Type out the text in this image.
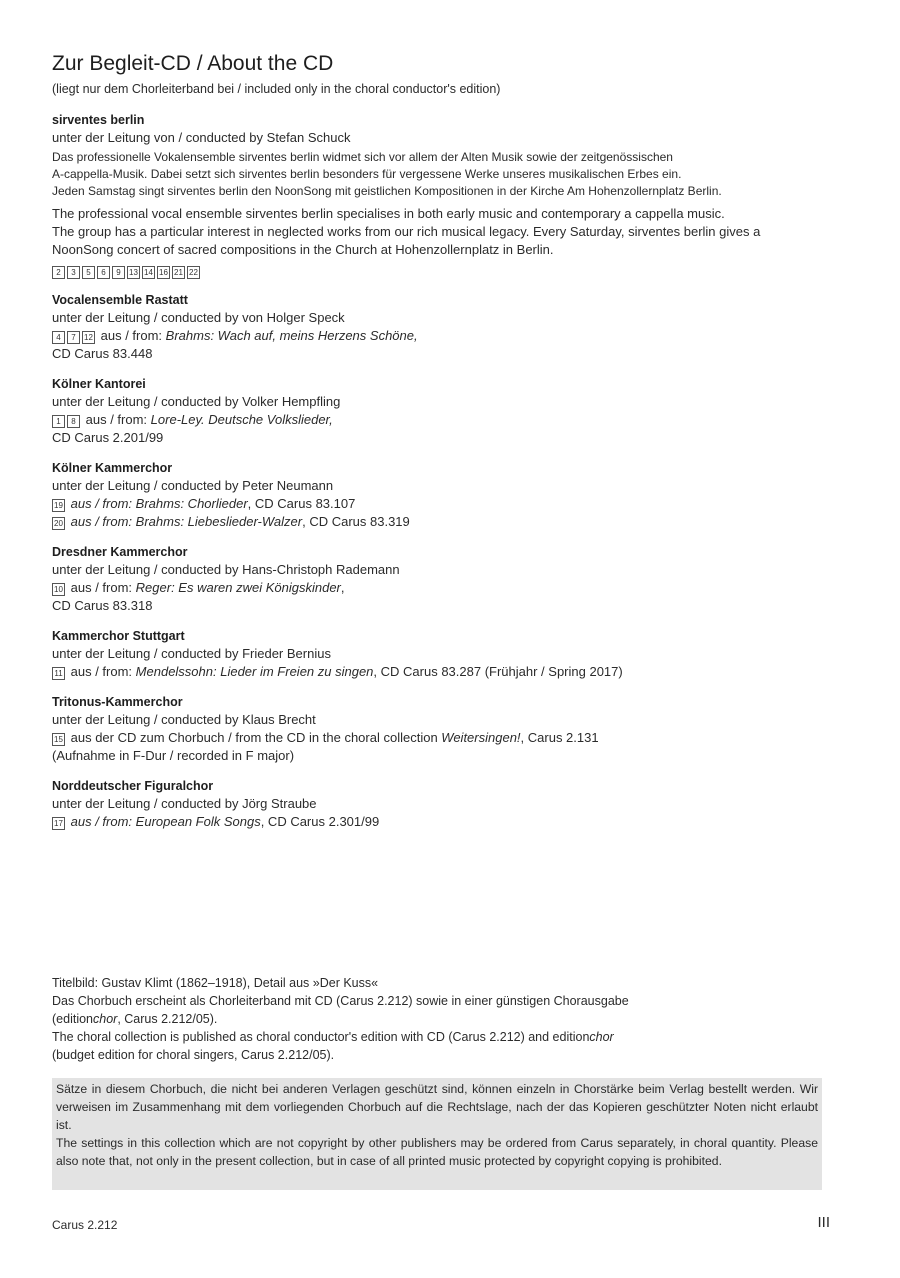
Zur Begleit-CD / About the CD
(liegt nur dem Chorleiterband bei / included only in the choral conductor's edition)
sirventes berlin
unter der Leitung von / conducted by Stefan Schuck
Das professionelle Vokalensemble sirventes berlin widmet sich vor allem der Alten Musik sowie der zeitgenössischen
A-cappella-Musik. Dabei setzt sich sirventes berlin besonders für vergessene Werke unseres musikalischen Erbes ein.
Jeden Samstag singt sirventes berlin den NoonSong mit geistlichen Kompositionen in der Kirche Am Hohenzollernplatz Berlin.
The professional vocal ensemble sirventes berlin specialises in both early music and contemporary a cappella music.
The group has a particular interest in neglected works from our rich musical legacy. Every Saturday, sirventes berlin gives a
NoonSong concert of sacred compositions in the Church at Hohenzollernplatz in Berlin.
2 3 5 6 9 13 14 16 21 22
Vocalensemble Rastatt
unter der Leitung / conducted by von Holger Speck
4 7 12 aus / from: Brahms: Wach auf, meins Herzens Schöne,
CD Carus 83.448
Kölner Kantorei
unter der Leitung / conducted by Volker Hempfling
1 8 aus / from: Lore-Ley. Deutsche Volkslieder,
CD Carus 2.201/99
Kölner Kammerchor
unter der Leitung / conducted by Peter Neumann
19 aus / from: Brahms: Chorlieder, CD Carus 83.107
20 aus / from: Brahms: Liebeslieder-Walzer, CD Carus 83.319
Dresdner Kammerchor
unter der Leitung / conducted by Hans-Christoph Rademann
10 aus / from: Reger: Es waren zwei Königskinder,
CD Carus 83.318
Kammerchor Stuttgart
unter der Leitung / conducted by Frieder Bernius
11 aus / from: Mendelssohn: Lieder im Freien zu singen, CD Carus 83.287 (Frühjahr / Spring 2017)
Tritonus-Kammerchor
unter der Leitung / conducted by Klaus Brecht
15 aus der CD zum Chorbuch / from the CD in the choral collection Weitersingen!, Carus 2.131
(Aufnahme in F-Dur / recorded in F major)
Norddeutscher Figuralchor
unter der Leitung / conducted by Jörg Straube
17 aus / from: European Folk Songs, CD Carus 2.301/99
Titelbild: Gustav Klimt (1862–1918), Detail aus »Der Kuss«
Das Chorbuch erscheint als Chorleiterband mit CD (Carus 2.212) sowie in einer günstigen Chorausgabe
(editionchor, Carus 2.212/05).
The choral collection is published as choral conductor's edition with CD (Carus 2.212) and editionchor
(budget edition for choral singers, Carus 2.212/05).

Sätze in diesem Chorbuch, die nicht bei anderen Verlagen geschützt sind, können einzeln in Chorstärke beim Verlag bestellt werden. Wir verweisen im Zusammenhang mit dem vorliegenden Chorbuch auf die Rechtslage, nach der das Kopieren geschützter Noten nicht erlaubt ist.

The settings in this collection which are not copyright by other publishers may be ordered from Carus separately, in choral quantity. Please also note that, not only in the present collection, but in case of all printed music protected by copyright copying is prohibited.

Carus 2.212	III
